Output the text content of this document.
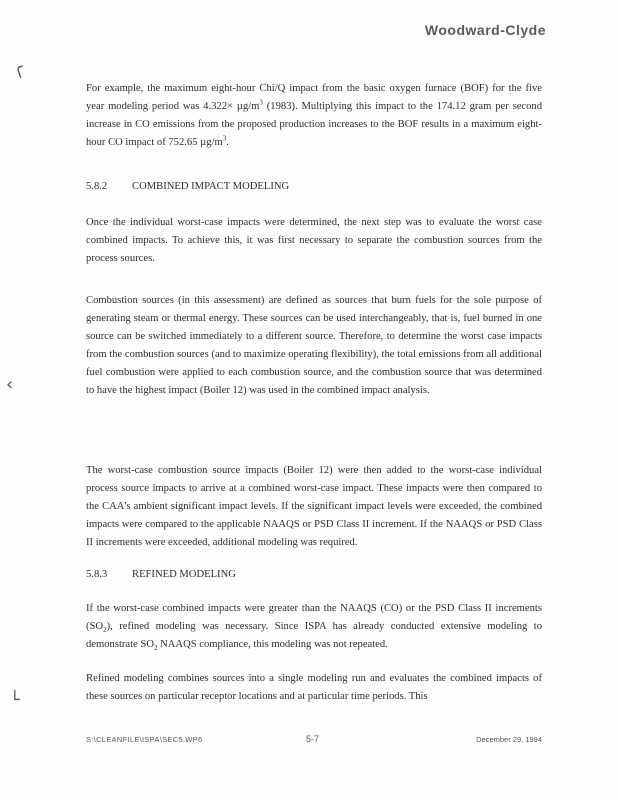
Woodward-Clyde
╭
‹
└

For example, the maximum eight-hour Chi/Q impact from the basic oxygen furnace (BOF) for the five year modeling period was $4.322\times \mu g/m^3$ (1983). Multiplying this impact to the 174.12 gram per second increase in CO emissions from the proposed production increases to the BOF results in a maximum eight-hour CO impact of 752.65 $\mu g/m^3$.

5.8.2 COMBINED IMPACT MODELING

Once the individual worst-case impacts were determined, the next step was to evaluate the worst case combined impacts. To achieve this, it was first necessary to separate the combustion sources from the process sources.

Combustion sources (in this assessment) are defined as sources that burn fuels for the sole purpose of generating steam or thermal energy. These sources can be used interchangeably, that is, fuel burned in one source can be switched immediately to a different source. Therefore, to determine the worst case impacts from the combustion sources (and to maximize operating flexibility), the total emissions from all additional fuel combustion were applied to each combustion source, and the combustion source that was determined to have the highest impact (Boiler 12) was used in the combined impact analysis.

The worst-case combustion source impacts (Boiler 12) were then added to the worst-case individual process source impacts to arrive at a combined worst-case impact. These impacts were then compared to the CAA's ambient significant impact levels. If the significant impact levels were exceeded, the combined impacts were compared to the applicable NAAQS or PSD Class II increment. If the NAAQS or PSD Class II increments were exceeded, additional modeling was required.

5.8.3 REFINED MODELING

If the worst-case combined impacts were greater than the NAAQS (CO) or the PSD Class II increments $(SO_2)$, refined modeling was necessary. Since ISPA has already conducted extensive modeling to demonstrate $SO_2$ NAAQS compliance, this modeling was not repeated.

Refined modeling combines sources into a single modeling run and evaluates the combined impacts of these sources on particular receptor locations and at particular time periods. This

S:\CLEANFILE\ISPA\SEC5.WP6	5-7	December 29, 1994
